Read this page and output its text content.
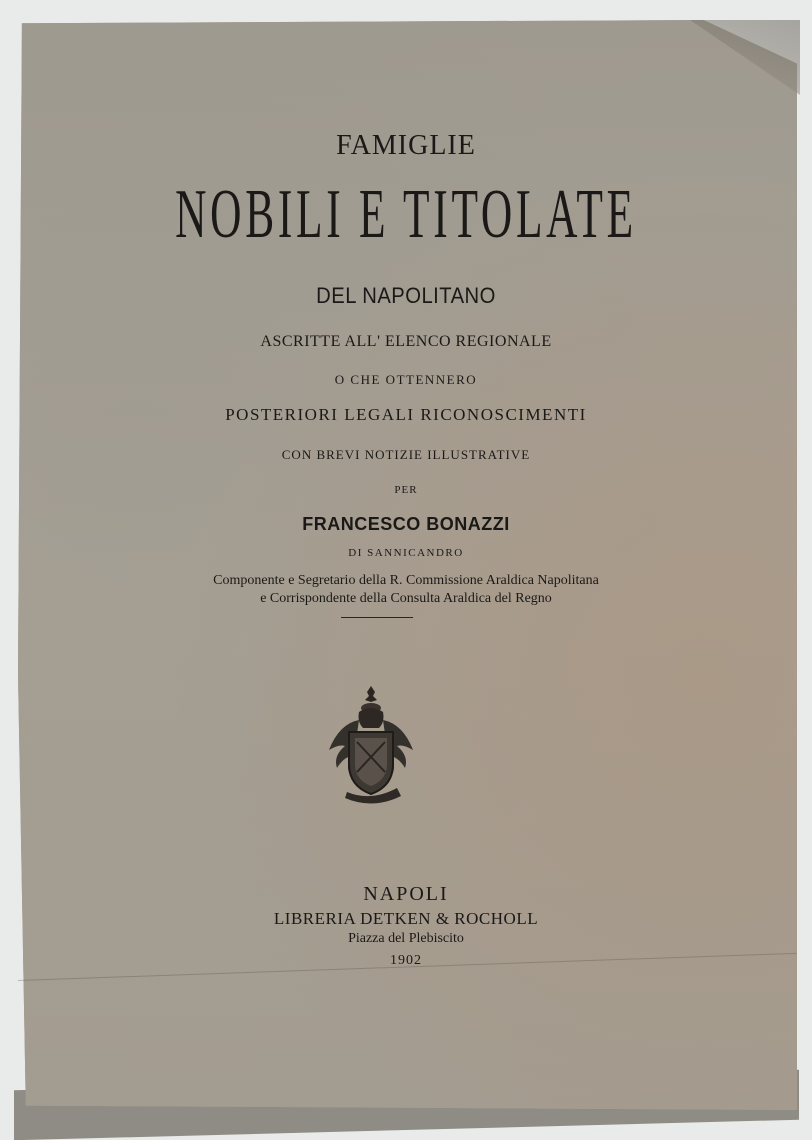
FAMIGLIE
NOBILI E TITOLATE
DEL NAPOLITANO
ASCRITTE ALL' ELENCO REGIONALE
O CHE OTTENNERO
POSTERIORI LEGALI RICONOSCIMENTI
CON BREVI NOTIZIE ILLUSTRATIVE
PER
FRANCESCO BONAZZI
DI SANNICANDRO
Componente e Segretario della R. Commissione Araldica Napolitana
e Corrispondente della Consulta Araldica del Regno
NAPOLI
LIBRERIA DETKEN & ROCHOLL
Piazza del Plebiscito
1902
